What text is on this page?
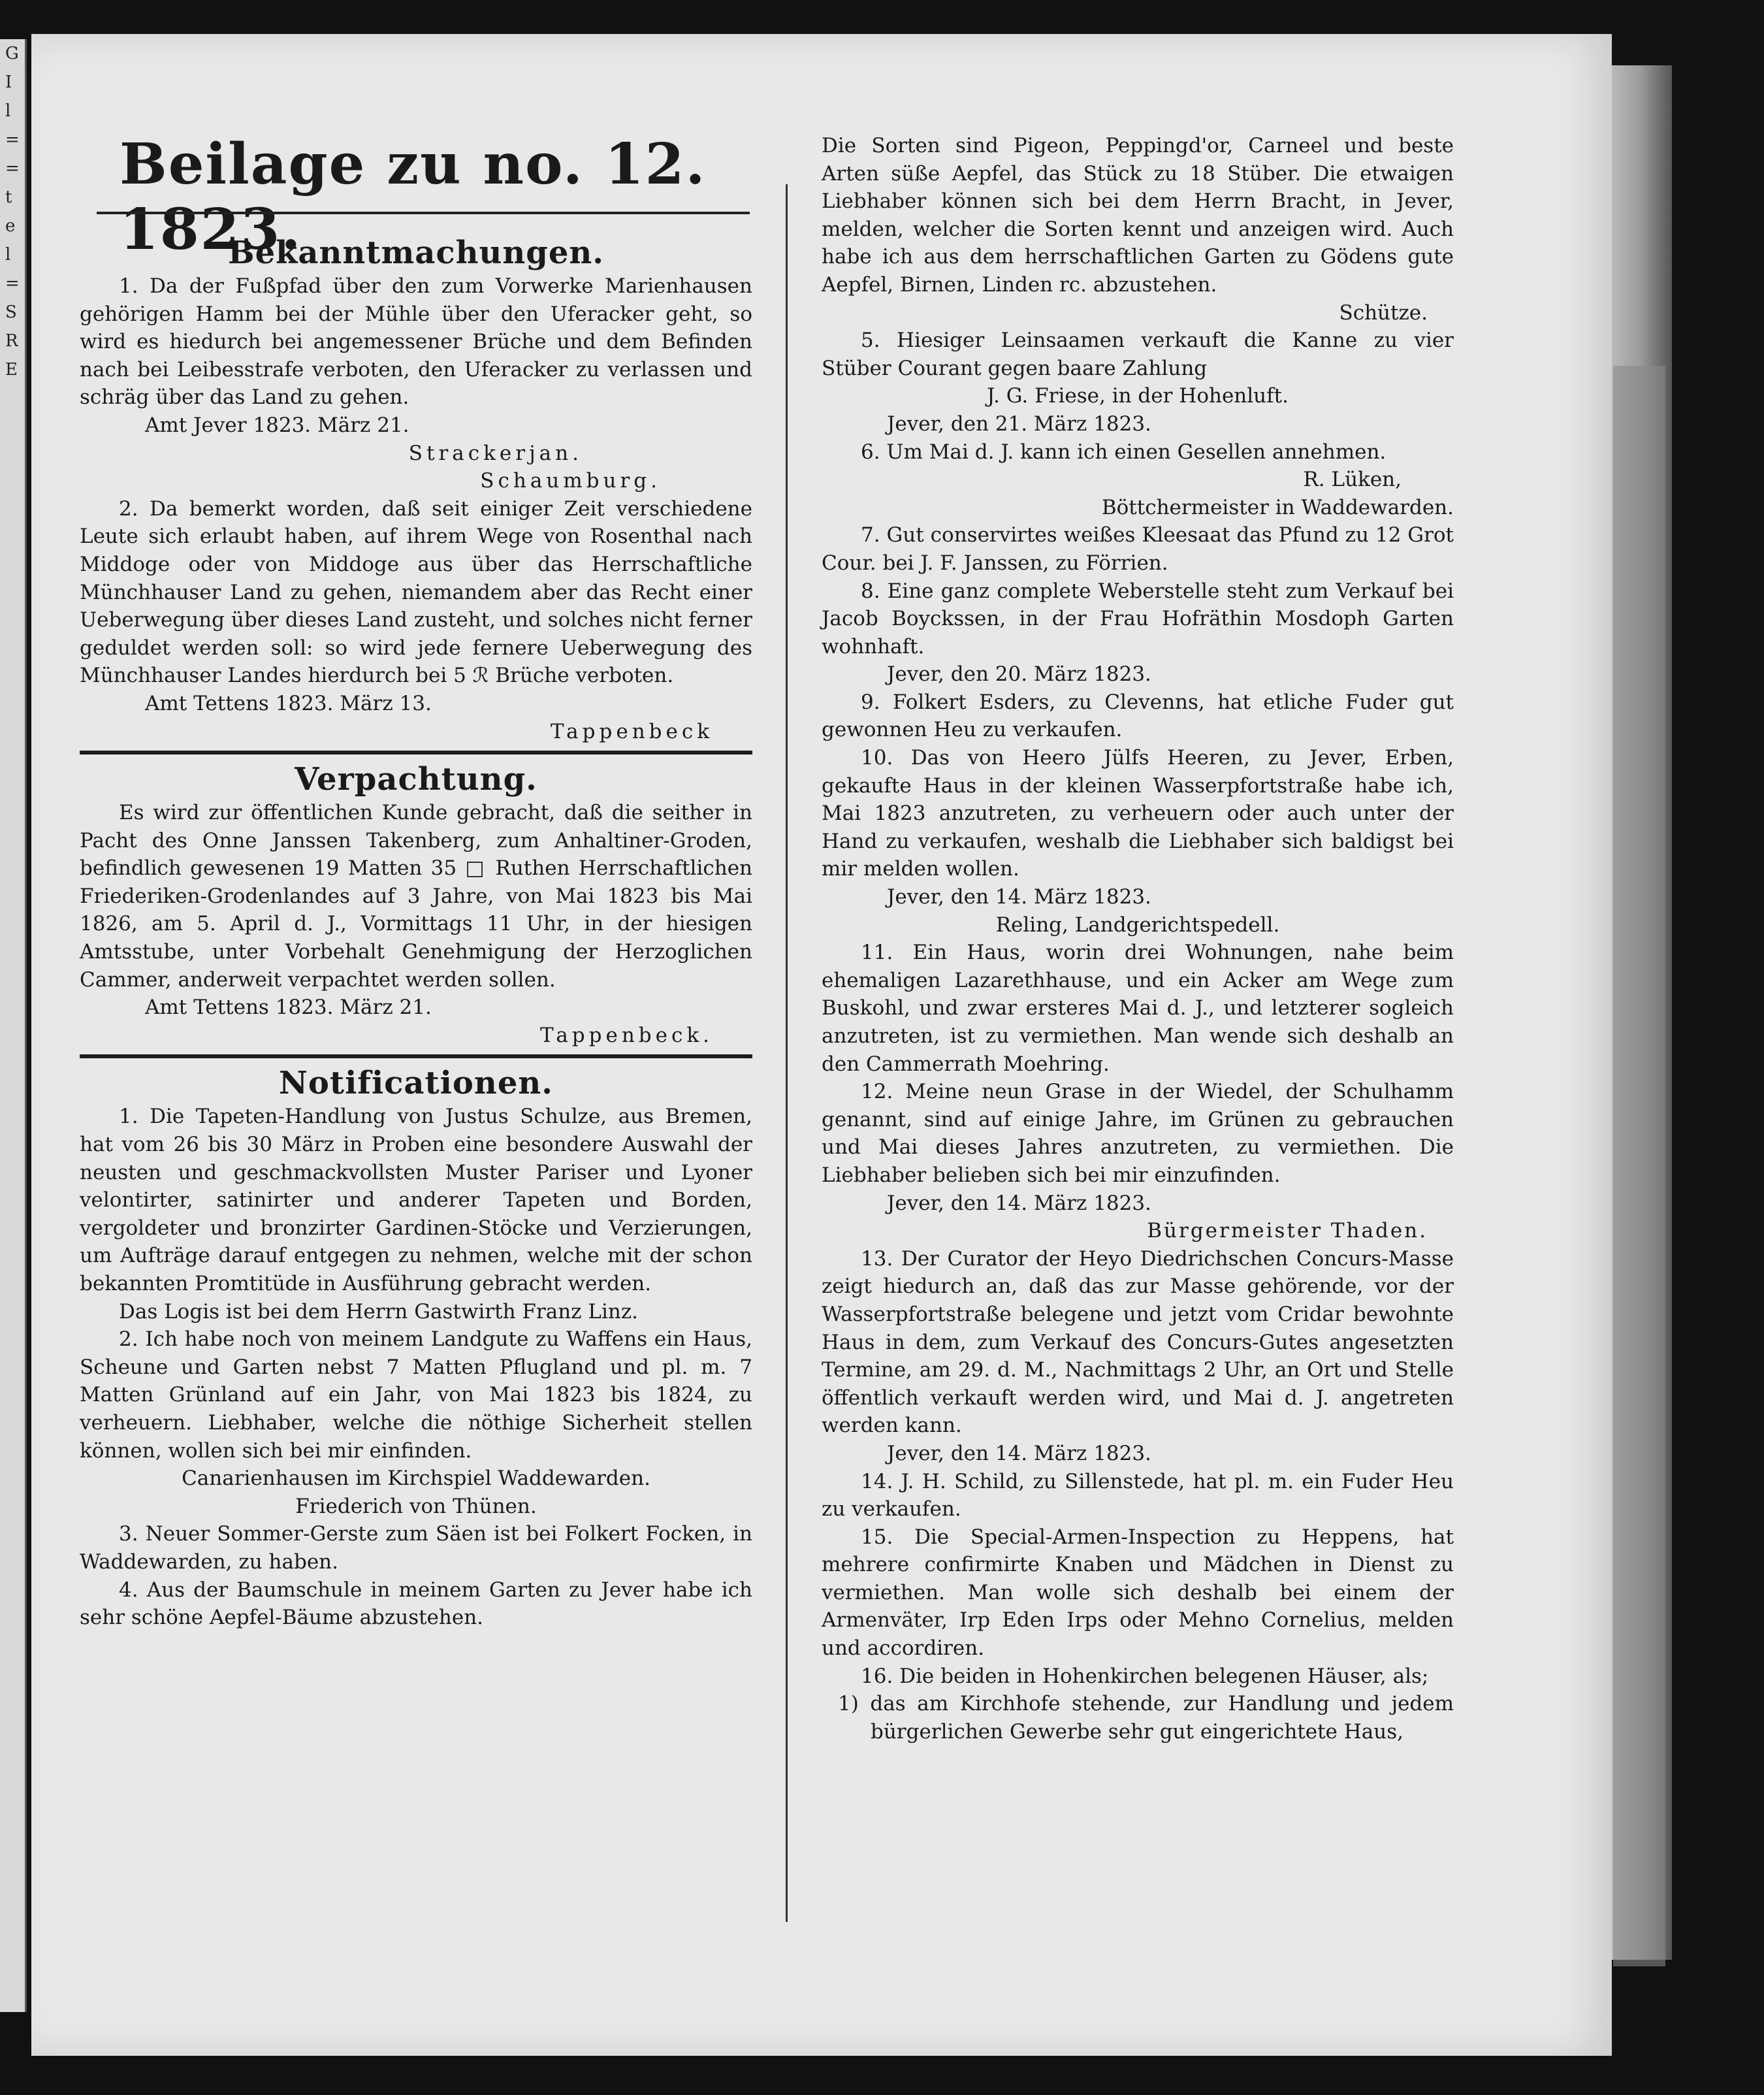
G
I
l
=
=
t
e
l
=
S
R
E
Beilage zu no. 12. 1823.
Bekanntmachungen.

1. Da der Fußpfad über den zum Vorwerke Marienhausen gehörigen Hamm bei der Mühle über den Uferacker geht, so wird es hiedurch bei angemessener Brüche und dem Befinden nach bei Leibesstrafe verboten, den Uferacker zu verlassen und schräg über das Land zu gehen.

Amt Jever 1823. März 21.

Strackerjan.

Schaumburg.

2. Da bemerkt worden, daß seit einiger Zeit verschiedene Leute sich erlaubt haben, auf ihrem Wege von Rosenthal nach Middoge oder von Middoge aus über das Herrschaftliche Münchhauser Land zu gehen, niemandem aber das Recht einer Ueberwegung über dieses Land zusteht, und solches nicht ferner geduldet werden soll: so wird jede fernere Ueberwegung des Münchhauser Landes hierdurch bei 5 ℛ Brüche verboten.

Amt Tettens 1823. März 13.

Tappenbeck

Verpachtung.

Es wird zur öffentlichen Kunde gebracht, daß die seither in Pacht des Onne Janssen Takenberg, zum Anhaltiner-Groden, befindlich gewesenen 19 Matten 35 □ Ruthen Herrschaftlichen Friederiken-Grodenlandes auf 3 Jahre, von Mai 1823 bis Mai 1826, am 5. April d. J., Vormittags 11 Uhr, in der hiesigen Amtsstube, unter Vorbehalt Genehmigung der Herzoglichen Cammer, anderweit verpachtet werden sollen.

Amt Tettens 1823. März 21.

Tappenbeck.

Notificationen.

1. Die Tapeten-Handlung von Justus Schulze, aus Bremen, hat vom 26 bis 30 März in Proben eine besondere Auswahl der neusten und geschmackvollsten Muster Pariser und Lyoner velontirter, satinirter und anderer Tapeten und Borden, vergoldeter und bronzirter Gardinen-Stöcke und Verzierungen, um Aufträge darauf entgegen zu nehmen, welche mit der schon bekannten Promtitüde in Ausführung gebracht werden.

Das Logis ist bei dem Herrn Gastwirth Franz Linz.

2. Ich habe noch von meinem Landgute zu Waffens ein Haus, Scheune und Garten nebst 7 Matten Pflugland und pl. m. 7 Matten Grünland auf ein Jahr, von Mai 1823 bis 1824, zu verheuern. Liebhaber, welche die nöthige Sicherheit stellen können, wollen sich bei mir einfinden.

Canarienhausen im Kirchspiel Waddewarden.

Friederich von Thünen.

3. Neuer Sommer-Gerste zum Säen ist bei Folkert Focken, in Waddewarden, zu haben.

4. Aus der Baumschule in meinem Garten zu Jever habe ich sehr schöne Aepfel-Bäume abzustehen.

Die Sorten sind Pigeon, Peppingd'or, Carneel und beste Arten süße Aepfel, das Stück zu 18 Stüber. Die etwaigen Liebhaber können sich bei dem Herrn Bracht, in Jever, melden, welcher die Sorten kennt und anzeigen wird. Auch habe ich aus dem herrschaftlichen Garten zu Gödens gute Aepfel, Birnen, Linden rc. abzustehen.

Schütze.

5. Hiesiger Leinsaamen verkauft die Kanne zu vier Stüber Courant gegen baare Zahlung

J. G. Friese, in der Hohenluft.

Jever, den 21. März 1823.

6. Um Mai d. J. kann ich einen Gesellen annehmen.

R. Lüken,

Böttchermeister in Waddewarden.

7. Gut conservirtes weißes Kleesaat das Pfund zu 12 Grot Cour. bei J. F. Janssen, zu Förrien.

8. Eine ganz complete Weberstelle steht zum Verkauf bei Jacob Boyckssen, in der Frau Hofräthin Mosdoph Garten wohnhaft.

Jever, den 20. März 1823.

9. Folkert Esders, zu Clevenns, hat etliche Fuder gut gewonnen Heu zu verkaufen.

10. Das von Heero Jülfs Heeren, zu Jever, Erben, gekaufte Haus in der kleinen Wasserpfortstraße habe ich, Mai 1823 anzutreten, zu verheuern oder auch unter der Hand zu verkaufen, weshalb die Liebhaber sich baldigst bei mir melden wollen.

Jever, den 14. März 1823.

Reling, Landgerichtspedell.

11. Ein Haus, worin drei Wohnungen, nahe beim ehemaligen Lazarethhause, und ein Acker am Wege zum Buskohl, und zwar ersteres Mai d. J., und letzterer sogleich anzutreten, ist zu vermiethen. Man wende sich deshalb an den Cammerrath Moehring.

12. Meine neun Grase in der Wiedel, der Schulhamm genannt, sind auf einige Jahre, im Grünen zu gebrauchen und Mai dieses Jahres anzutreten, zu vermiethen. Die Liebhaber belieben sich bei mir einzufinden.

Jever, den 14. März 1823.

Bürgermeister Thaden.

13. Der Curator der Heyo Diedrichschen Concurs-Masse zeigt hiedurch an, daß das zur Masse gehörende, vor der Wasserpfortstraße belegene und jetzt vom Cridar bewohnte Haus in dem, zum Verkauf des Concurs-Gutes angesetzten Termine, am 29. d. M., Nachmittags 2 Uhr, an Ort und Stelle öffentlich verkauft werden wird, und Mai d. J. angetreten werden kann.

Jever, den 14. März 1823.

14. J. H. Schild, zu Sillenstede, hat pl. m. ein Fuder Heu zu verkaufen.

15. Die Special-Armen-Inspection zu Heppens, hat mehrere confirmirte Knaben und Mädchen in Dienst zu vermiethen. Man wolle sich deshalb bei einem der Armenväter, Irp Eden Irps oder Mehno Cornelius, melden und accordiren.

16. Die beiden in Hohenkirchen belegenen Häuser, als;

1) das am Kirchhofe stehende, zur Handlung und jedem bürgerlichen Gewerbe sehr gut eingerichtete Haus,
